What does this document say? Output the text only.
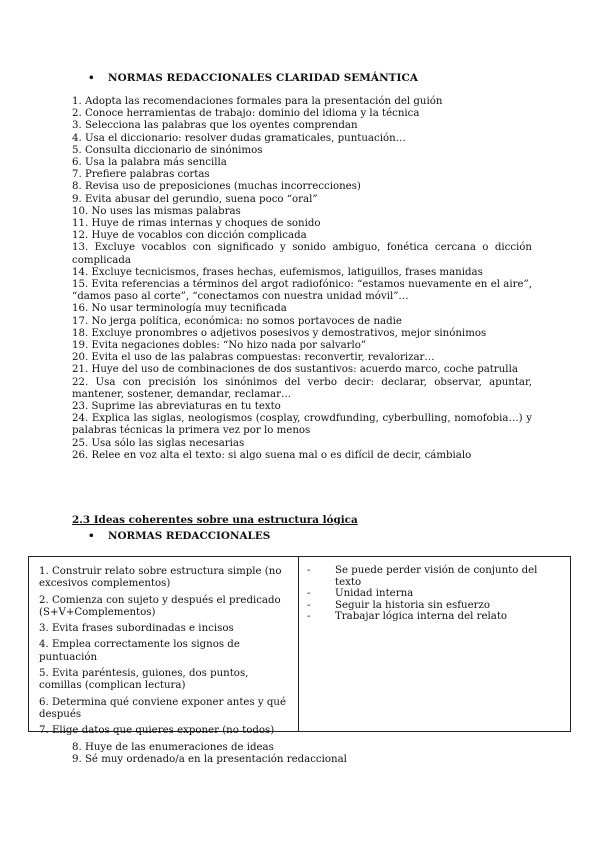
• NORMAS REDACCIONALES CLARIDAD SEMÁNTICA

1. Adopta las recomendaciones formales para la presentación del guión

2. Conoce herramientas de trabajo: dominio del idioma y la técnica

3. Selecciona las palabras que los oyentes comprendan

4. Usa el diccionario: resolver dudas gramaticales, puntuación…

5. Consulta diccionario de sinónimos

6. Usa la palabra más sencilla

7. Prefiere palabras cortas

8. Revisa uso de preposiciones (muchas incorrecciones)

9. Evita abusar del gerundio, suena poco “oral”

10. No uses las mismas palabras

11. Huye de rimas internas y choques de sonido

12. Huye de vocablos con dicción complicada

13. Excluye vocablos con significado y sonido ambiguo, fonética cercana o dicción complicada

14. Excluye tecnicismos, frases hechas, eufemismos, latiguillos, frases manidas

15. Evita referencias a términos del argot radiofónico: “estamos nuevamente en el aire”, “damos paso al corte”, “conectamos con nuestra unidad móvil”…

16. No usar terminología muy tecnificada

17. No jerga política, económica: no somos portavoces de nadie

18. Excluye pronombres o adjetivos posesivos y demostrativos, mejor sinónimos

19. Evita negaciones dobles: “No hizo nada por salvarlo”

20. Evita el uso de las palabras compuestas: reconvertir, revalorizar…

21. Huye del uso de combinaciones de dos sustantivos: acuerdo marco, coche patrulla

22. Usa con precisión los sinónimos del verbo decir: declarar, observar, apuntar, mantener, sostener, demandar, reclamar…

23. Suprime las abreviaturas en tu texto

24. Explica las siglas, neologismos (cosplay, crowdfunding, cyberbulling, nomofobia…) y palabras técnicas la primera vez por lo menos

25. Usa sólo las siglas necesarias

26. Relee en voz alta el texto: si algo suena mal o es difícil de decir, cámbialo

2.3 Ideas coherentes sobre una estructura lógica
• NORMAS REDACCIONALES

1. Construir relato sobre estructura simple (no excesivos complementos)

2. Comienza con sujeto y después el predicado (S+V+Complementos)

3. Evita frases subordinadas e incisos

4. Emplea correctamente los signos de puntuación

5. Evita paréntesis, guiones, dos puntos, comillas (complican lectura)

6. Determina qué conviene exponer antes y qué después

7. Elige datos que quieres exponer (no todos)

-	Se puede perder visión de conjunto del texto

-	Unidad interna

-	Seguir la historia sin esfuerzo

-	Trabajar lógica interna del relato

8. Huye de las enumeraciones de ideas

9. Sé muy ordenado/a en la presentación redaccional
